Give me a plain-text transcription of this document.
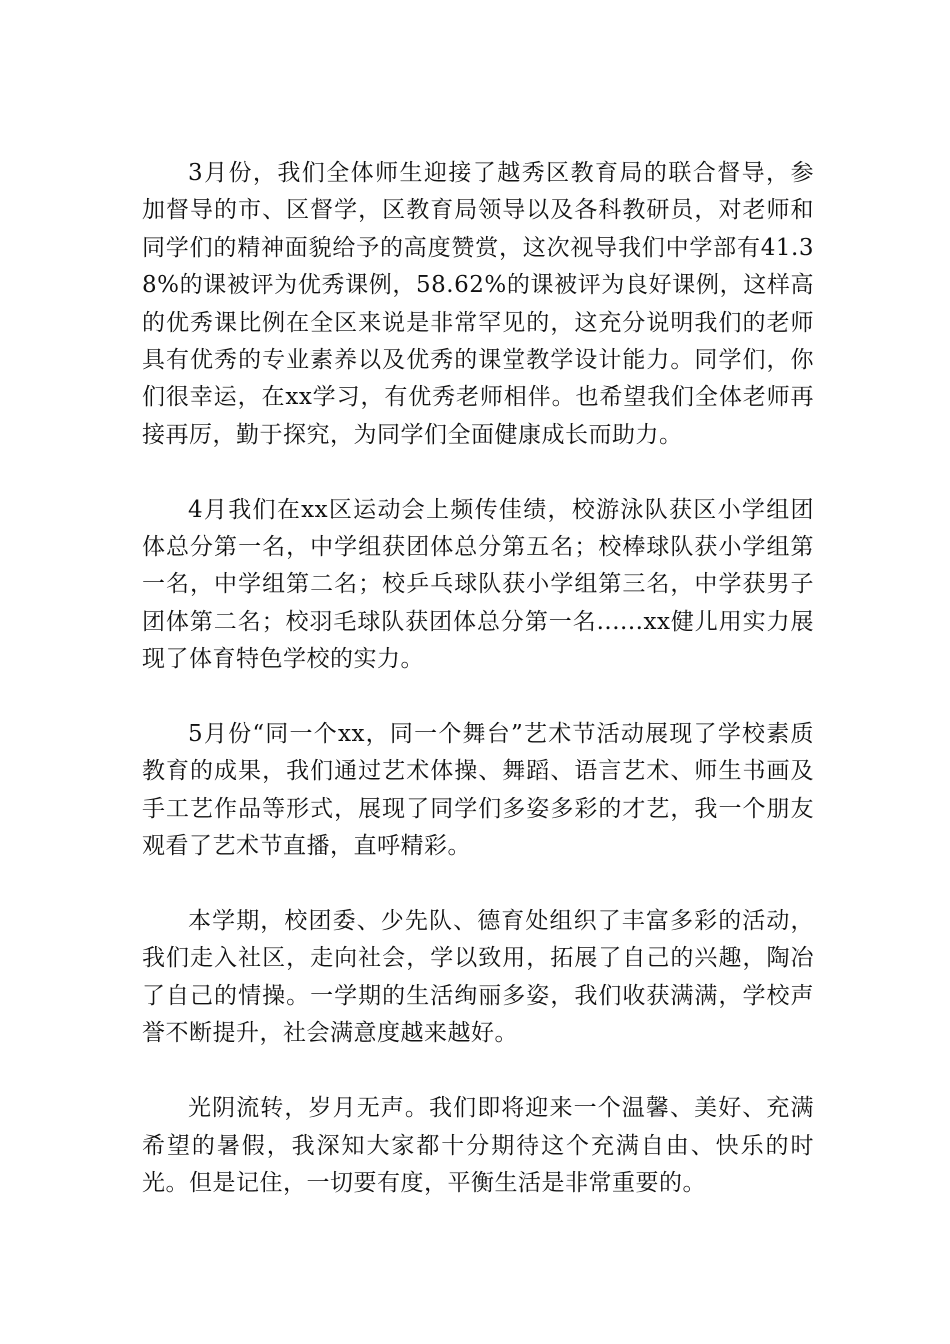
3月份，我们全体师生迎接了越秀区教育局的联合督导，参加督导的市、区督学，区教育局领导以及各科教研员，对老师和同学们的精神面貌给予的高度赞赏，这次视导我们中学部有41.38%的课被评为优秀课例，58.62%的课被评为良好课例，这样高的优秀课比例在全区来说是非常罕见的，这充分说明我们的老师具有优秀的专业素养以及优秀的课堂教学设计能力。同学们，你们很幸运，在xx学习，有优秀老师相伴。也希望我们全体老师再接再厉，勤于探究，为同学们全面健康成长而助力。

4月我们在xx区运动会上频传佳绩，校游泳队获区小学组团体总分第一名，中学组获团体总分第五名；校棒球队获小学组第一名，中学组第二名；校乒乓球队获小学组第三名，中学获男子团体第二名；校羽毛球队获团体总分第一名......xx健儿用实力展现了体育特色学校的实力。

5月份“同一个xx，同一个舞台”艺术节活动展现了学校素质教育的成果，我们通过艺术体操、舞蹈、语言艺术、师生书画及手工艺作品等形式，展现了同学们多姿多彩的才艺，我一个朋友观看了艺术节直播，直呼精彩。

本学期，校团委、少先队、德育处组织了丰富多彩的活动，我们走入社区，走向社会，学以致用，拓展了自己的兴趣，陶冶了自己的情操。一学期的生活绚丽多姿，我们收获满满，学校声誉不断提升，社会满意度越来越好。

光阴流转，岁月无声。我们即将迎来一个温馨、美好、充满希望的暑假，我深知大家都十分期待这个充满自由、快乐的时光。但是记住，一切要有度，平衡生活是非常重要的。
